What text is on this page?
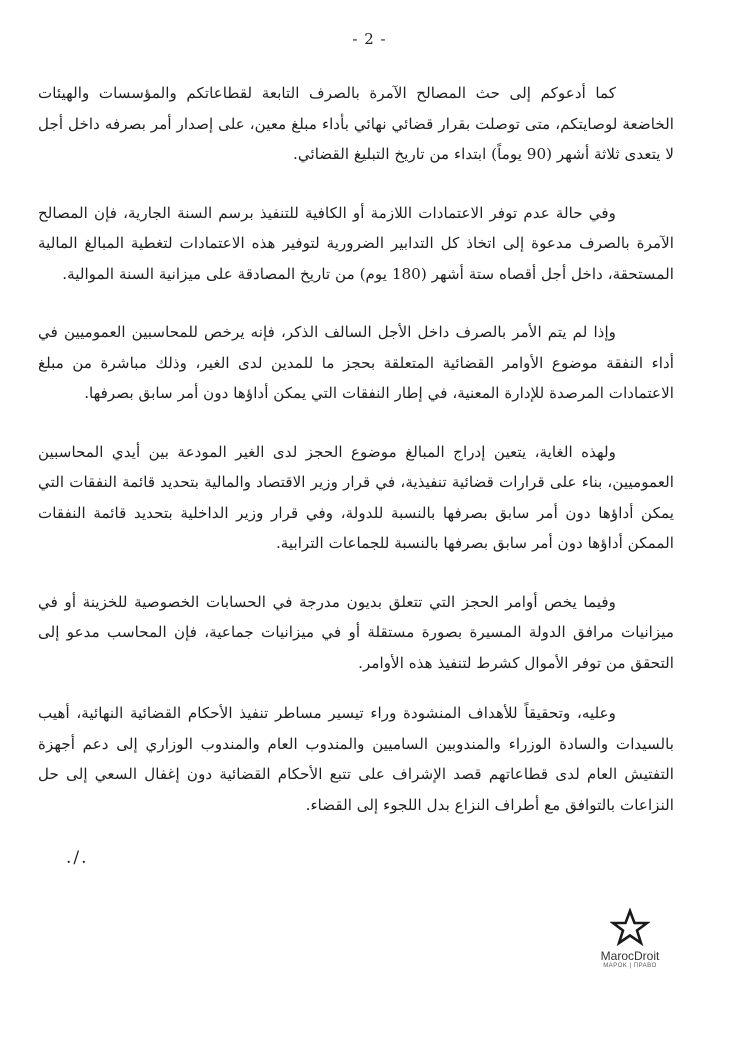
- 2 -

كما أدعوكم إلى حث المصالح الآمرة بالصرف التابعة لقطاعاتكم والمؤسسات والهيئات الخاضعة لوصايتكم، متى توصلت بقرار قضائي نهائي بأداء مبلغ معين، على إصدار أمر بصرفه داخل أجل لا يتعدى ثلاثة أشهر (90 يوماً) ابتداء من تاريخ التبليغ القضائي.

وفي حالة عدم توفر الاعتمادات اللازمة أو الكافية للتنفيذ برسم السنة الجارية، فإن المصالح الآمرة بالصرف مدعوة إلى اتخاذ كل التدابير الضرورية لتوفير هذه الاعتمادات لتغطية المبالغ المالية المستحقة، داخل أجل أقصاه ستة أشهر (180 يوم) من تاريخ المصادقة على ميزانية السنة الموالية.

وإذا لم يتم الأمر بالصرف داخل الأجل السالف الذكر، فإنه يرخص للمحاسبين العموميين في أداء النفقة موضوع الأوامر القضائية المتعلقة بحجز ما للمدين لدى الغير، وذلك مباشرة من مبلغ الاعتمادات المرصدة للإدارة المعنية، في إطار النفقات التي يمكن أداؤها دون أمر سابق بصرفها.

ولهذه الغاية، يتعين إدراج المبالغ موضوع الحجز لدى الغير المودعة بين أيدي المحاسبين العموميين، بناء على قرارات قضائية تنفيذية، في قرار وزير الاقتصاد والمالية بتحديد قائمة النفقات التي يمكن أداؤها دون أمر سابق بصرفها بالنسبة للدولة، وفي قرار وزير الداخلية بتحديد قائمة النفقات الممكن أداؤها دون أمر سابق بصرفها بالنسبة للجماعات الترابية.

وفيما يخص أوامر الحجز التي تتعلق بديون مدرجة في الحسابات الخصوصية للخزينة أو في ميزانيات مرافق الدولة المسيرة بصورة مستقلة أو في ميزانيات جماعية، فإن المحاسب مدعو إلى التحقق من توفر الأموال كشرط لتنفيذ هذه الأوامر.

وعليه، وتحقيقاً للأهداف المنشودة وراء تيسير مساطر تنفيذ الأحكام القضائية النهائية، أهيب بالسيدات والسادة الوزراء والمندوبين الساميين والمندوب العام والمندوب الوزاري إلى دعم أجهزة التفتيش العام لدى قطاعاتهم قصد الإشراف على تتبع الأحكام القضائية دون إغفال السعي إلى حل النزاعات بالتوافق مع أطراف النزاع بدل اللجوء إلى القضاء.

./.
MarocDroit
ΜΑΡΟΚ | ΠΡΑΒΟ
